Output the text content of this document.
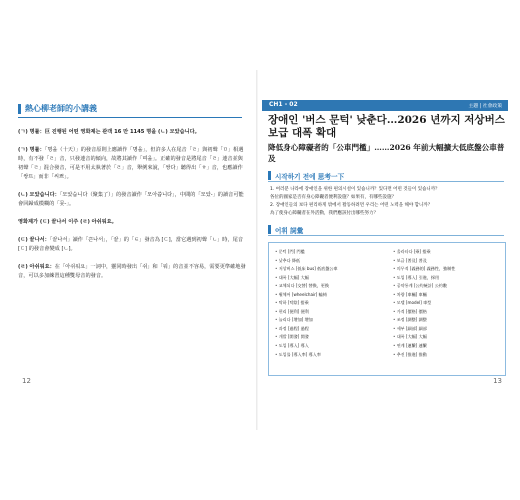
熱心柳老師的小講義

(ㄱ) 명률：巨 진행된 어떤 영화제는 관객 16 만 1145 명을 (ㄴ) 모았습니다。

(ㄱ) 명률：「명을（十天）」的發音原則上應讀作「명을」，但許多人在尾音「ㄹ」與初聲「ㅁ」相遇時，有不發「ㄹ」音，只發連音的傾向，故將其讀作「며을」。正確的發音是將尾音「ㄹ」連音並與初聲「ㄹ」混合發音，可是不用太執著於「ㄹ」音，舉例來說，「쌍다」聽得出「ㅎ」音，也應讀作「쌍뜨」而非「씨쁘」。

(ㄴ) 모았습니다：「모았습니다（聚集了）」的發音讀作「모아씁니다」，中間的「모았-」的讀音可能會回歸成模糊的「뭇-」。

영화제가 (ㄷ) 끝나서 이주 (ㄹ) 아쉬워요。

(ㄷ) 끝나서：「끝나서」讀作「끈나서」，「끝」的「ㅌ」發音為 [ㄷ]，當它遇到初聲「ㄴ」時，尾音 [ㄷ] 的發音會變成 [ㄴ]。

(ㄹ) 아쉬워요：在「아쉬워요」一詞中，靈同時發出「쉬」和「워」的音並不容易，需要更準確地發音，可以多加練習這種雙母音的發音。

12
CH1 - 02	主題 | 社會政策
장애인 '버스 문턱' 낮춘다…2026 년까지 저상버스 보급 대폭 확대
降低身心障礙者的「公車門檻」……2026 年前大幅擴大低底盤公車普及
시작하기 전에 思考一下

1. 여러분 나라에 장애인을 위한 편의시설이 있습니까？있다면 어떤 것들이 있습니까？

各位的國家是否有身心障礙者便利設施？如果有，有哪些設施？

2. 장애인들의 보다 편리하게 밖에서 활동하려면 우리는 어떤 노력을 해야 합니까？

為了使身心障礙者在外活動，我們應該付出哪些努力？

어휘 詞彙
• 문턱 [門] 門檻
• 낮추다 降低
• 저상버스 [低床 bus] 低底盤公車
• 대폭 [大幅] 大幅
• 교체되다 [交替] 替換，更換
• 휠체어 [wheelchair] 輪椅
• 탁하 [탁陰] 搭乘
• 편리 [便利] 便利
• 늘리다 [增加] 增加
• 과정 [過程] 過程
• 개발 [開發] 開發
• 도입 [導入] 導入
• 도입률 [導入率] 導入率
• 올라타다 [乘] 搭乘
• 보급 [普及] 普及
• 의무적 [義務的] 義務性，強制性
• 도입 [導入] 引進，採用
• 공약통계 [公約統計] 公約數
• 차량 [車輛] 車輛
• 모델 [model] 車型
• 가격 [價格] 價格
• 조정 [調整] 調整
• 세부 [細部] 細部
• 대폭 [大幅] 大幅
• 연계 [連繫] 連繫
• 추진 [推進] 推動
13
